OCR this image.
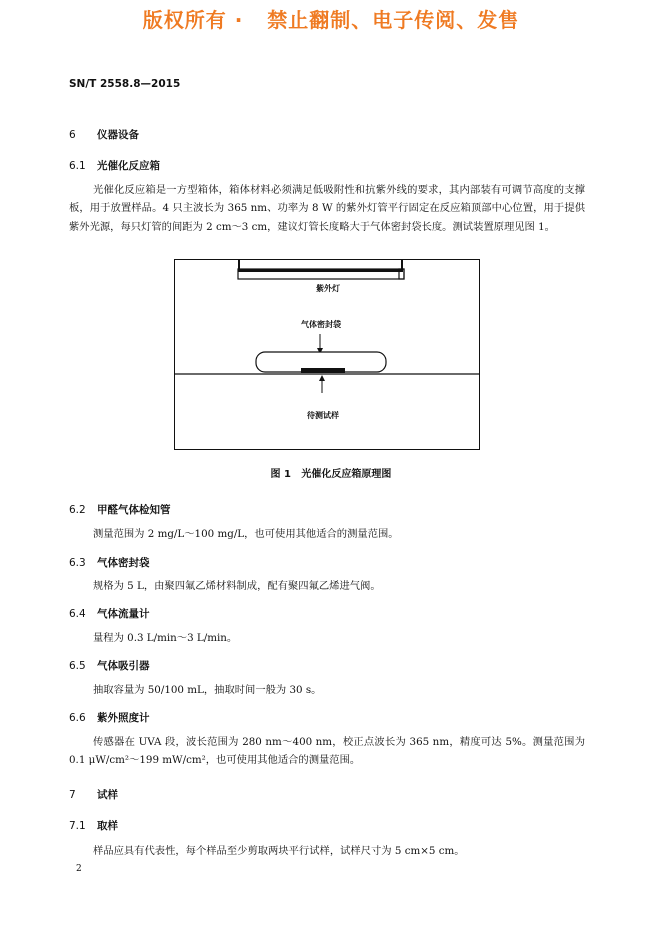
版权所有 ·   禁止翻制、电子传阅、发售
SN/T 2558.8—2015
6 仪器设备
6.1 光催化反应箱
光催化反应箱是一方型箱体，箱体材料必须满足低吸附性和抗紫外线的要求，其内部装有可调节高度的支撑板，用于放置样品。4 只主波长为 365 nm、功率为 8 W 的紫外灯管平行固定在反应箱顶部中心位置，用于提供紫外光源，每只灯管的间距为 2 cm～3 cm，建议灯管长度略大于气体密封袋长度。测试装置原理见图 1。
紫外灯
气体密封袋
待测试样
图 1   光催化反应箱原理图
6.2 甲醛气体检知管
测量范围为 2 mg/L～100 mg/L，也可使用其他适合的测量范围。
6.3 气体密封袋
规格为 5 L，由聚四氟乙烯材料制成，配有聚四氟乙烯进气阀。
6.4 气体流量计
量程为 0.3 L/min～3 L/min。
6.5 气体吸引器
抽取容量为 50/100 mL，抽取时间一般为 30 s。
6.6 紫外照度计
传感器在 UVA 段，波长范围为 280 nm～400 nm，校正点波长为 365 nm，精度可达 5%。测量范围为 0.1 μW/cm²～199 mW/cm²，也可使用其他适合的测量范围。
7 试样
7.1 取样
样品应具有代表性，每个样品至少剪取两块平行试样，试样尺寸为 5 cm×5 cm。
2
